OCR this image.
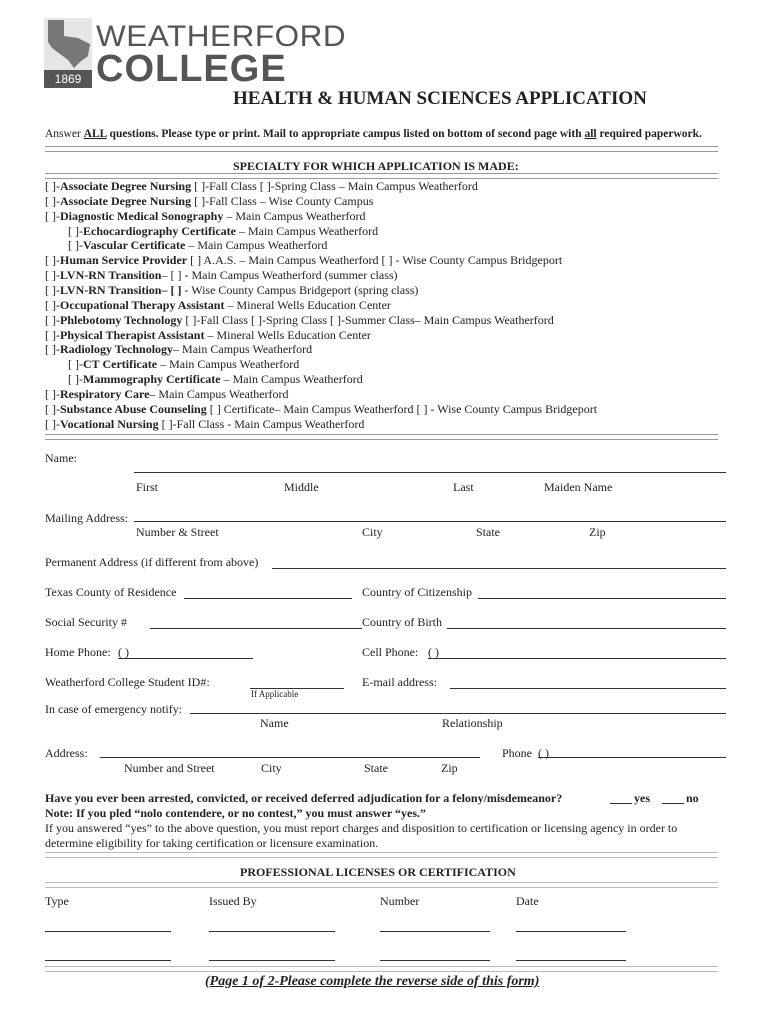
1869
WEATHERFORD
COLLEGE
HEALTH & HUMAN SCIENCES APPLICATION
Answer ALL questions. Please type or print. Mail to appropriate campus listed on bottom of second page with all required paperwork.
SPECIALTY FOR WHICH APPLICATION IS MADE:
[ ]-Associate Degree Nursing [ ]-Fall Class [ ]-Spring Class – Main Campus Weatherford
[ ]-Associate Degree Nursing [ ]-Fall Class – Wise County Campus
[ ]-Diagnostic Medical Sonography – Main Campus Weatherford
[ ]-Echocardiography Certificate – Main Campus Weatherford
[ ]-Vascular Certificate – Main Campus Weatherford
[ ]-Human Service Provider [ ] A.A.S. – Main Campus Weatherford [ ] - Wise County Campus Bridgeport
[ ]-LVN-RN Transition– [ ] - Main Campus Weatherford (summer class)
[ ]-LVN-RN Transition– [ ] - Wise County Campus Bridgeport (spring class)
[ ]-Occupational Therapy Assistant – Mineral Wells Education Center
[ ]-Phlebotomy Technology [ ]-Fall Class [ ]-Spring Class [ ]-Summer Class– Main Campus Weatherford
[ ]-Physical Therapist Assistant – Mineral Wells Education Center
[ ]-Radiology Technology– Main Campus Weatherford
[ ]-CT Certificate – Main Campus Weatherford
[ ]-Mammography Certificate – Main Campus Weatherford
[ ]-Respiratory Care– Main Campus Weatherford
[ ]-Substance Abuse Counseling [ ] Certificate– Main Campus Weatherford [ ] - Wise County Campus Bridgeport
[ ]-Vocational Nursing [ ]-Fall Class - Main Campus Weatherford
Name:
First	Middle	Last	Maiden Name
Mailing Address:
Number & Street	City	State	Zip
Permanent Address (if different from above)
Texas County of Residence	Country of Citizenship
Social Security #	Country of Birth
Home Phone: ( )	Cell Phone: ( )
Weatherford College Student ID#:
If Applicable
E-mail address:
In case of emergency notify:
Name	Relationship
Address:	Phone ( )
Number and Street	City	State	Zip
Have you ever been arrested, convicted, or received deferred adjudication for a felony/misdemeanor?	yes	no
Note: If you pled “nolo contendere, or no contest,” you must answer “yes.”
If you answered “yes” to the above question, you must report charges and disposition to certification or licensing agency in order to
determine eligibility for taking certification or licensure examination.
PROFESSIONAL LICENSES OR CERTIFICATION
Type	Issued By	Number	Date
(Page 1 of 2-Please complete the reverse side of this form)
